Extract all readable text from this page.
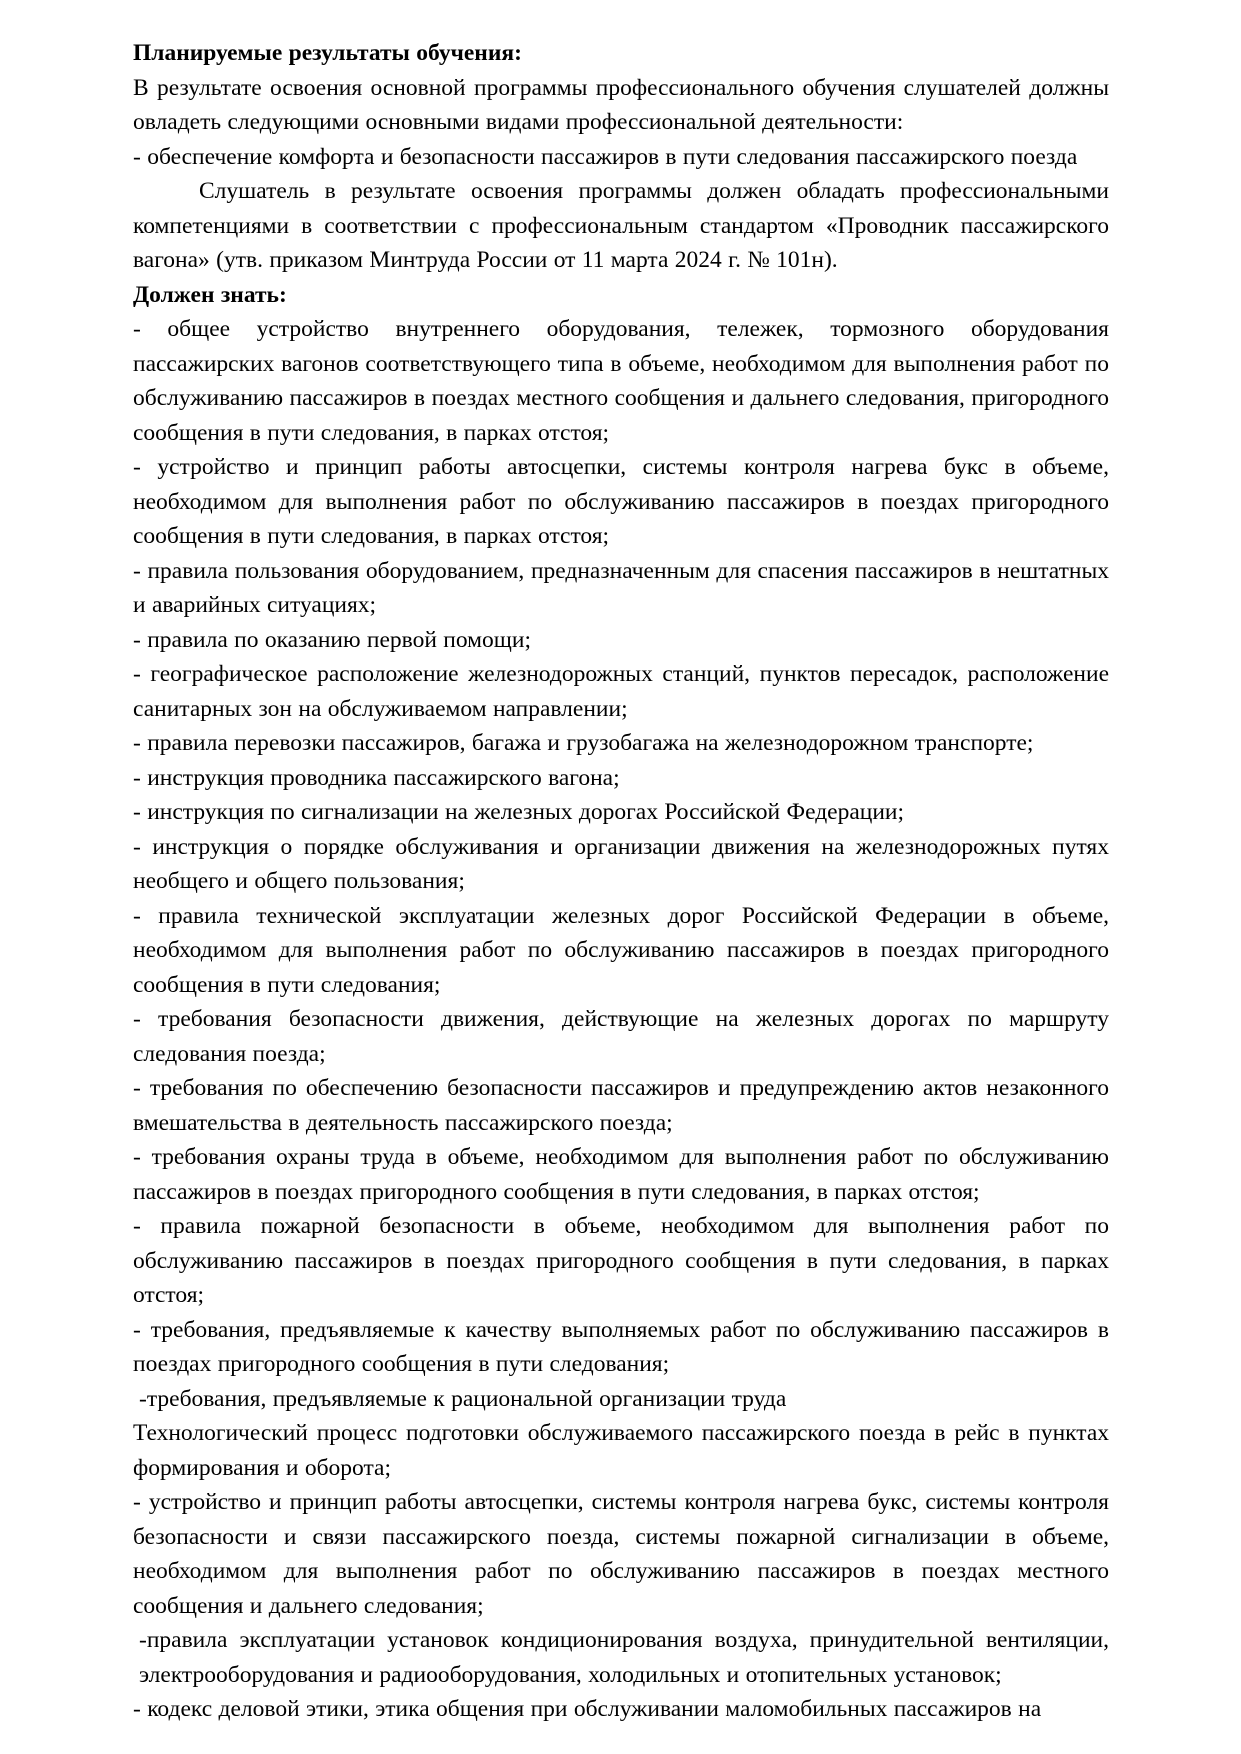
Планируемые результаты обучения:

В результате освоения основной программы профессионального обучения слушателей должны овладеть следующими основными видами профессиональной деятельности:

- обеспечение комфорта и безопасности пассажиров в пути следования пассажирского поезда

Слушатель в результате освоения программы должен обладать профессиональными компетенциями в соответствии с профессиональным стандартом «Проводник пассажирского вагона» (утв. приказом Минтруда России от 11 марта 2024 г. № 101н).

Должен знать:

- общее устройство внутреннего оборудования, тележек, тормозного оборудования пассажирских вагонов соответствующего типа в объеме, необходимом для выполнения работ по обслуживанию пассажиров в поездах местного сообщения и дальнего следования, пригородного сообщения в пути следования, в парках отстоя;

- устройство и принцип работы автосцепки, системы контроля нагрева букс в объеме, необходимом для выполнения работ по обслуживанию пассажиров в поездах пригородного сообщения в пути следования, в парках отстоя;

- правила пользования оборудованием, предназначенным для спасения пассажиров в нештатных и аварийных ситуациях;

- правила по оказанию первой помощи;

- географическое расположение железнодорожных станций, пунктов пересадок, расположение санитарных зон на обслуживаемом направлении;

- правила перевозки пассажиров, багажа и грузобагажа на железнодорожном транспорте;

- инструкция проводника пассажирского вагона;

- инструкция по сигнализации на железных дорогах Российской Федерации;

- инструкция о порядке обслуживания и организации движения на железнодорожных путях необщего и общего пользования;

- правила технической эксплуатации железных дорог Российской Федерации в объеме, необходимом для выполнения работ по обслуживанию пассажиров в поездах пригородного сообщения в пути следования;

- требования безопасности движения, действующие на железных дорогах по маршруту следования поезда;

- требования по обеспечению безопасности пассажиров и предупреждению актов незаконного вмешательства в деятельность пассажирского поезда;

- требования охраны труда в объеме, необходимом для выполнения работ по обслуживанию пассажиров в поездах пригородного сообщения в пути следования, в парках отстоя;

- правила пожарной безопасности в объеме, необходимом для выполнения работ по обслуживанию пассажиров в поездах пригородного сообщения в пути следования, в парках отстоя;

- требования, предъявляемые к качеству выполняемых работ по обслуживанию пассажиров в поездах пригородного сообщения в пути следования;

-требования, предъявляемые к рациональной организации труда

Технологический процесс подготовки обслуживаемого пассажирского поезда в рейс в пунктах формирования и оборота;

- устройство и принцип работы автосцепки, системы контроля нагрева букс, системы контроля безопасности и связи пассажирского поезда, системы пожарной сигнализации в объеме, необходимом для выполнения работ по обслуживанию пассажиров в поездах местного сообщения и дальнего следования;

-правила эксплуатации установок кондиционирования воздуха, принудительной вентиляции, электрооборудования и радиооборудования, холодильных и отопительных установок;

- кодекс деловой этики, этика общения при обслуживании маломобильных пассажиров на
